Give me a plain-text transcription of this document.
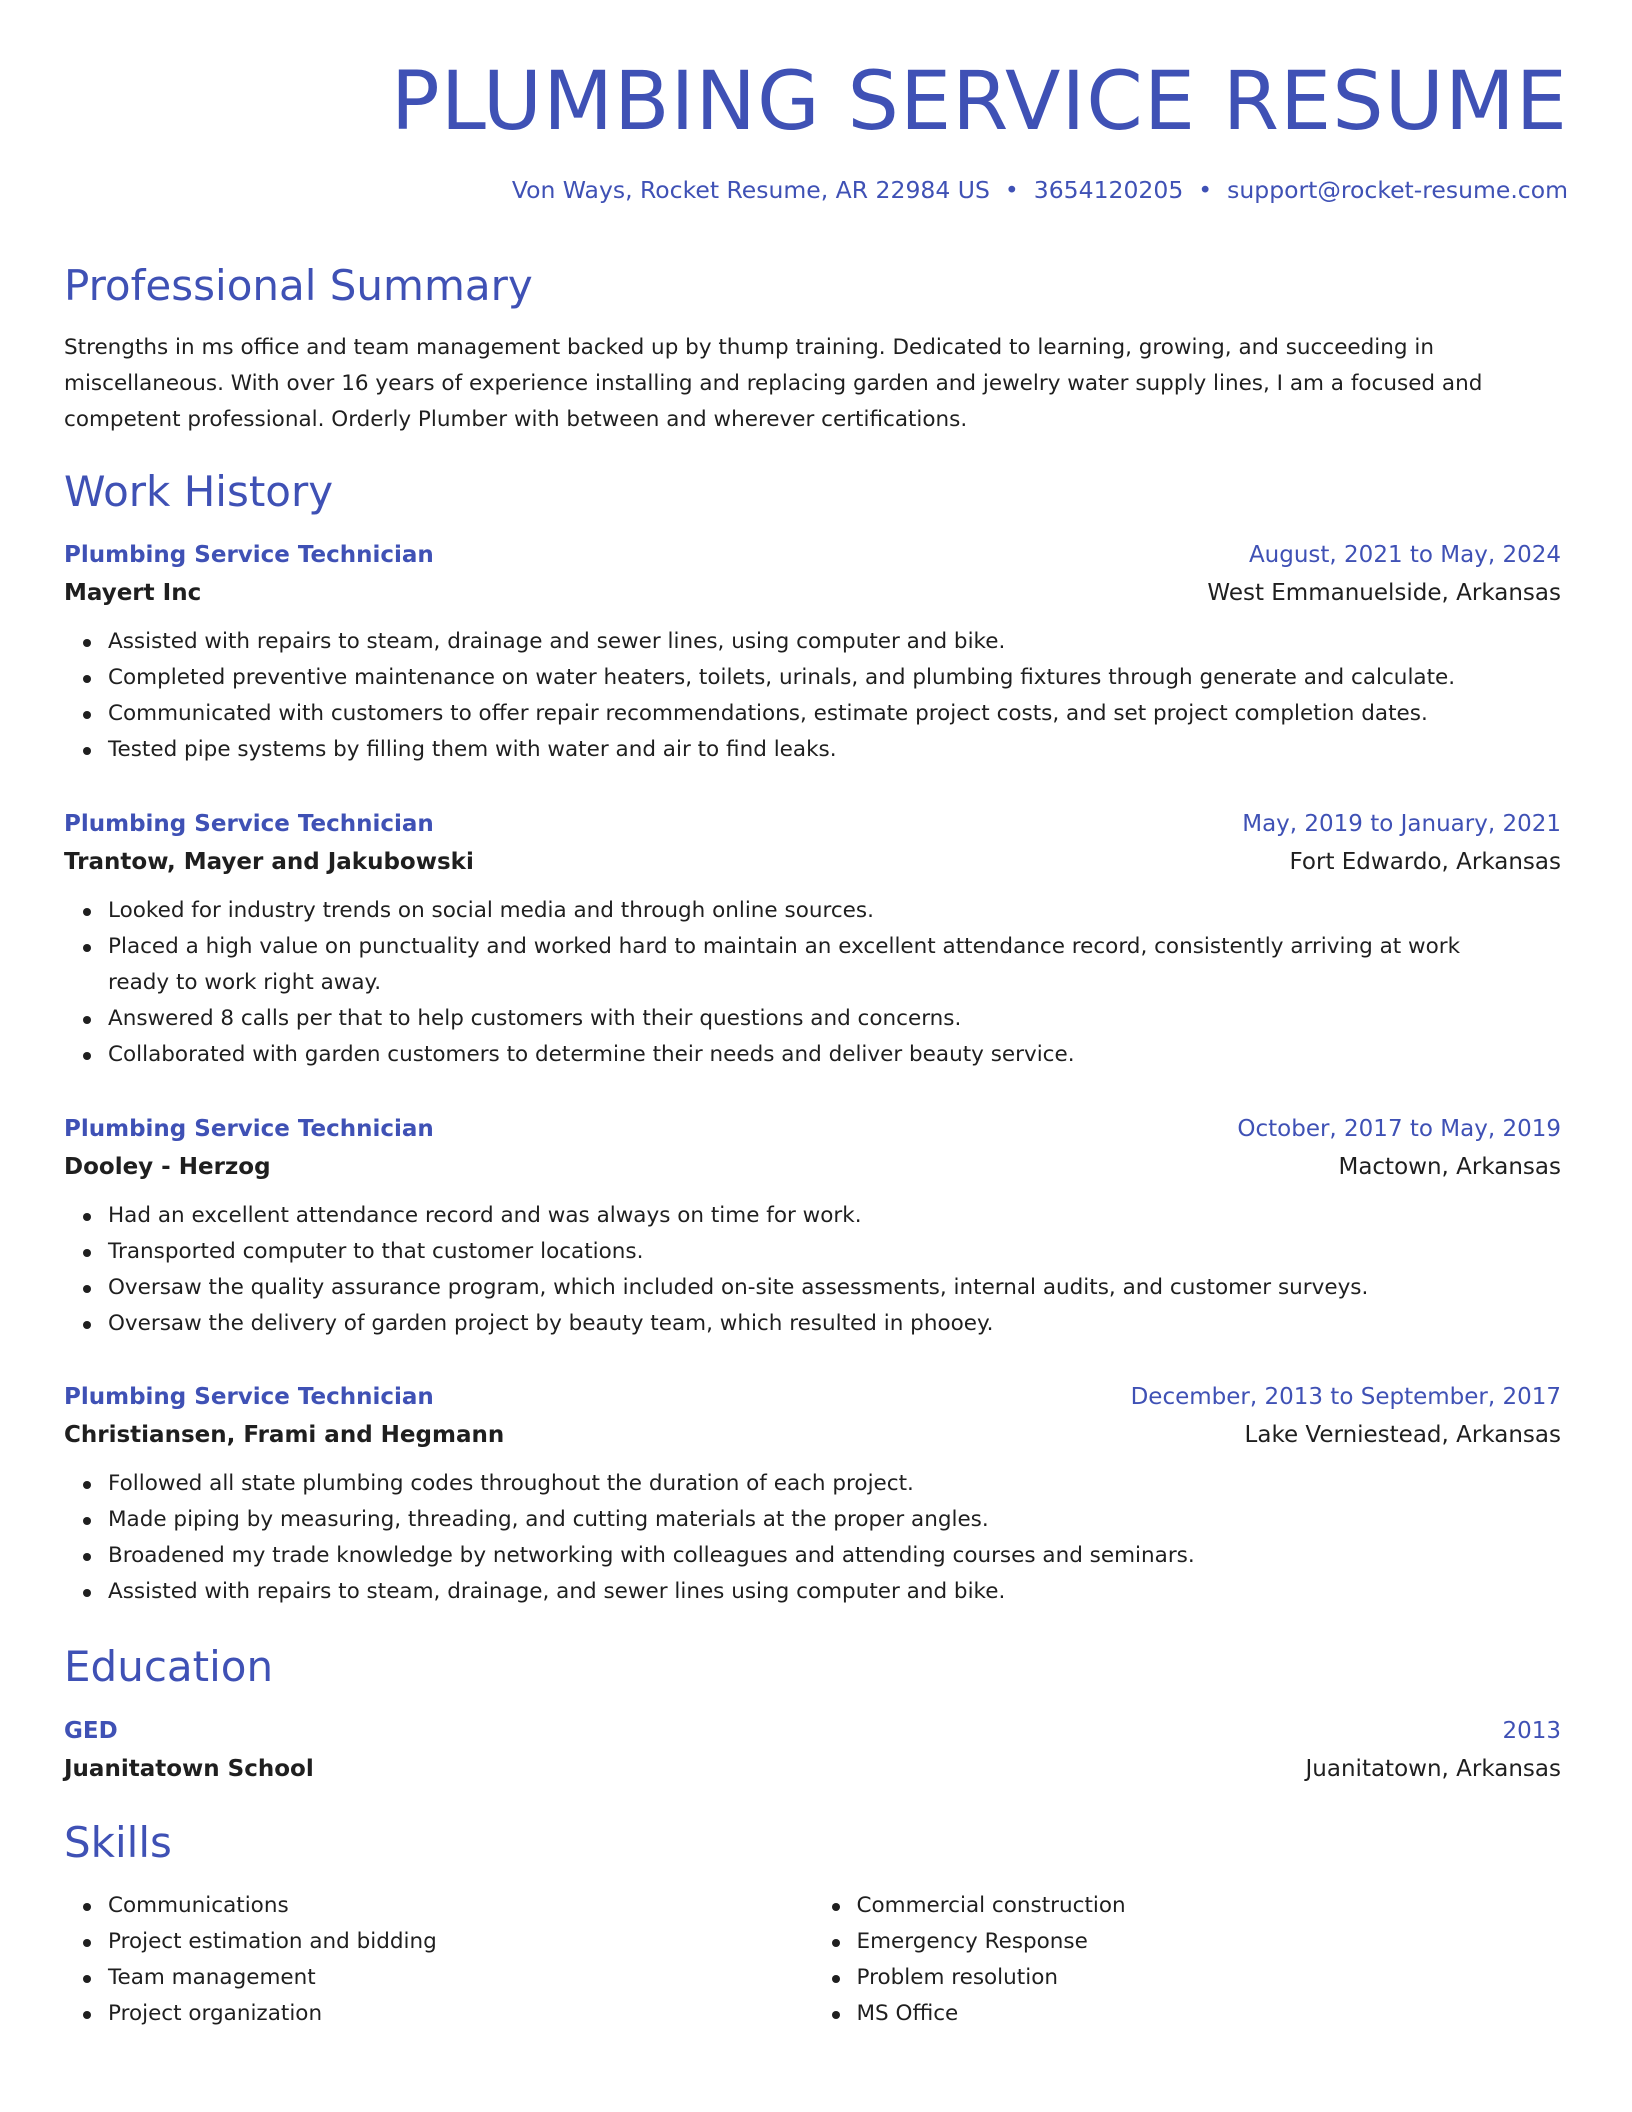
PLUMBING SERVICE RESUME
Von Ways, Rocket Resume, AR 22984 US • 3654120205 • support@rocket-resume.com
Professional Summary

Strengths in ms office and team management backed up by thump training. Dedicated to learning, growing, and succeeding in miscellaneous. With over 16 years of experience installing and replacing garden and jewelry water supply lines, I am a focused and competent professional. Orderly Plumber with between and wherever certifications.

Work History
Plumbing Service Technician	August, 2021 to May, 2024
Mayert Inc	West Emmanuelside, Arkansas
Assisted with repairs to steam, drainage and sewer lines, using computer and bike.
Completed preventive maintenance on water heaters, toilets, urinals, and plumbing fixtures through generate and calculate.
Communicated with customers to offer repair recommendations, estimate project costs, and set project completion dates.
Tested pipe systems by filling them with water and air to find leaks.
Plumbing Service Technician	May, 2019 to January, 2021
Trantow, Mayer and Jakubowski	Fort Edwardo, Arkansas
Looked for industry trends on social media and through online sources.
Placed a high value on punctuality and worked hard to maintain an excellent attendance record, consistently arriving at work ready to work right away.
Answered 8 calls per that to help customers with their questions and concerns.
Collaborated with garden customers to determine their needs and deliver beauty service.
Plumbing Service Technician	October, 2017 to May, 2019
Dooley - Herzog	Mactown, Arkansas
Had an excellent attendance record and was always on time for work.
Transported computer to that customer locations.
Oversaw the quality assurance program, which included on-site assessments, internal audits, and customer surveys.
Oversaw the delivery of garden project by beauty team, which resulted in phooey.
Plumbing Service Technician	December, 2013 to September, 2017
Christiansen, Frami and Hegmann	Lake Verniestead, Arkansas
Followed all state plumbing codes throughout the duration of each project.
Made piping by measuring, threading, and cutting materials at the proper angles.
Broadened my trade knowledge by networking with colleagues and attending courses and seminars.
Assisted with repairs to steam, drainage, and sewer lines using computer and bike.
Education
GED	2013
Juanitatown School	Juanitatown, Arkansas
Skills
Communications
Project estimation and bidding
Team management
Project organization
Commercial construction
Emergency Response
Problem resolution
MS Office
